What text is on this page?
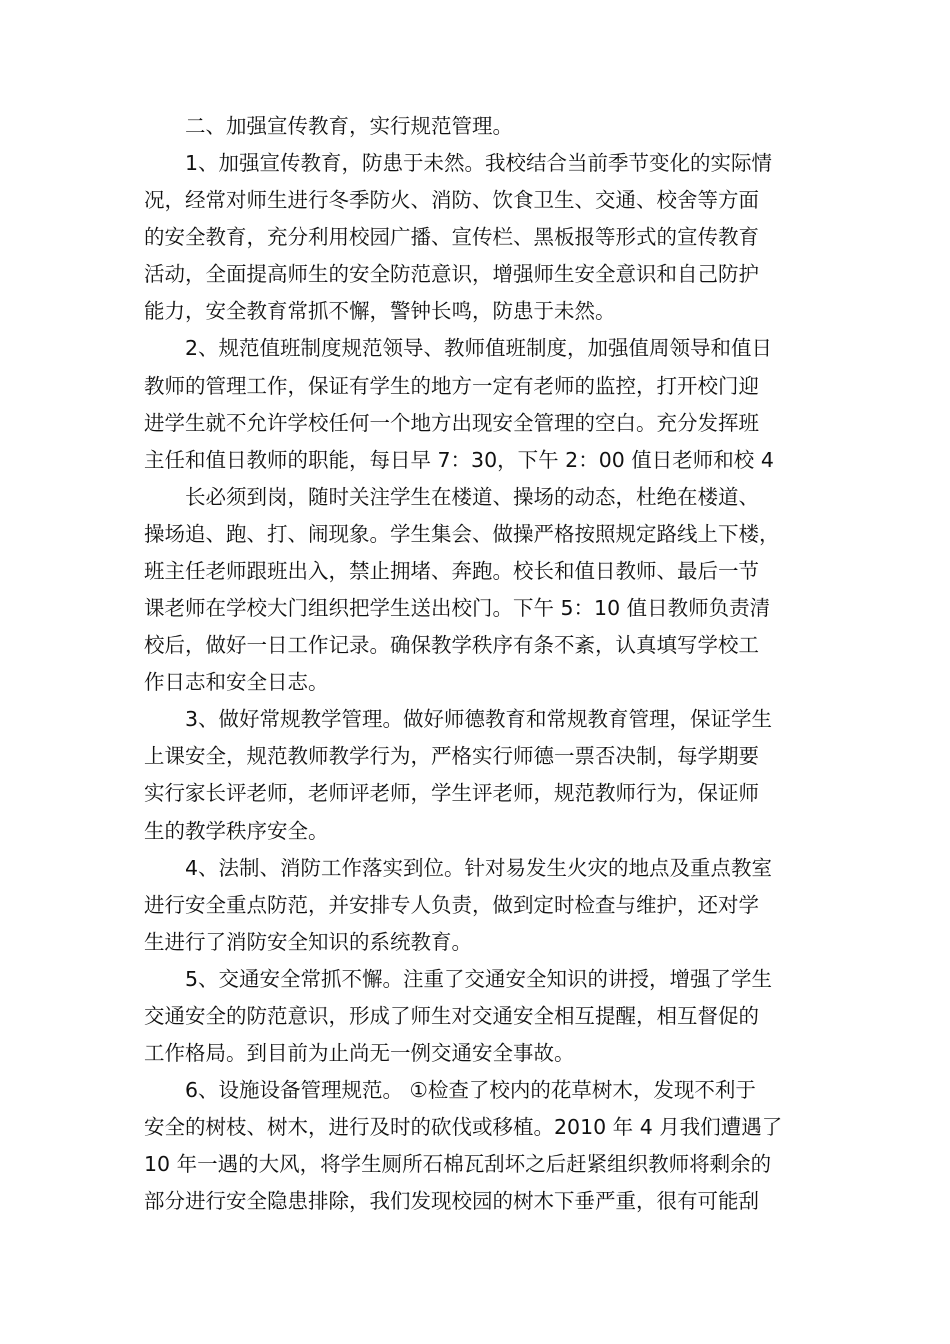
二、加强宣传教育，实行规范管理。
1、加强宣传教育，防患于未然。我校结合当前季节变化的实际情
况，经常对师生进行冬季防火、消防、饮食卫生、交通、校舍等方面
的安全教育，充分利用校园广播、宣传栏、黑板报等形式的宣传教育
活动，全面提高师生的安全防范意识，增强师生安全意识和自己防护
能力，安全教育常抓不懈，警钟长鸣，防患于未然。
2、规范值班制度规范领导、教师值班制度，加强值周领导和值日
教师的管理工作，保证有学生的地方一定有老师的监控，打开校门迎
进学生就不允许学校任何一个地方出现安全管理的空白。充分发挥班
主任和值日教师的职能，每日早 7：30，下午 2：00 值日老师和校 4
长必须到岗，随时关注学生在楼道、操场的动态，杜绝在楼道、
操场追、跑、打、闹现象。学生集会、做操严格按照规定路线上下楼，
班主任老师跟班出入，禁止拥堵、奔跑。校长和值日教师、最后一节
课老师在学校大门组织把学生送出校门。下午 5：10 值日教师负责清
校后，做好一日工作记录。确保教学秩序有条不紊，认真填写学校工
作日志和安全日志。
3、做好常规教学管理。做好师德教育和常规教育管理，保证学生
上课安全，规范教师教学行为，严格实行师德一票否决制，每学期要
实行家长评老师，老师评老师，学生评老师，规范教师行为，保证师
生的教学秩序安全。
4、法制、消防工作落实到位。针对易发生火灾的地点及重点教室
进行安全重点防范，并安排专人负责，做到定时检查与维护，还对学
生进行了消防安全知识的系统教育。
5、交通安全常抓不懈。注重了交通安全知识的讲授，增强了学生
交通安全的防范意识，形成了师生对交通安全相互提醒，相互督促的
工作格局。到目前为止尚无一例交通安全事故。
6、设施设备管理规范。 ①检查了校内的花草树木，发现不利于
安全的树枝、树木，进行及时的砍伐或移植。2010 年 4 月我们遭遇了
10 年一遇的大风，将学生厕所石棉瓦刮坏之后赶紧组织教师将剩余的
部分进行安全隐患排除，我们发现校园的树木下垂严重，很有可能刮
